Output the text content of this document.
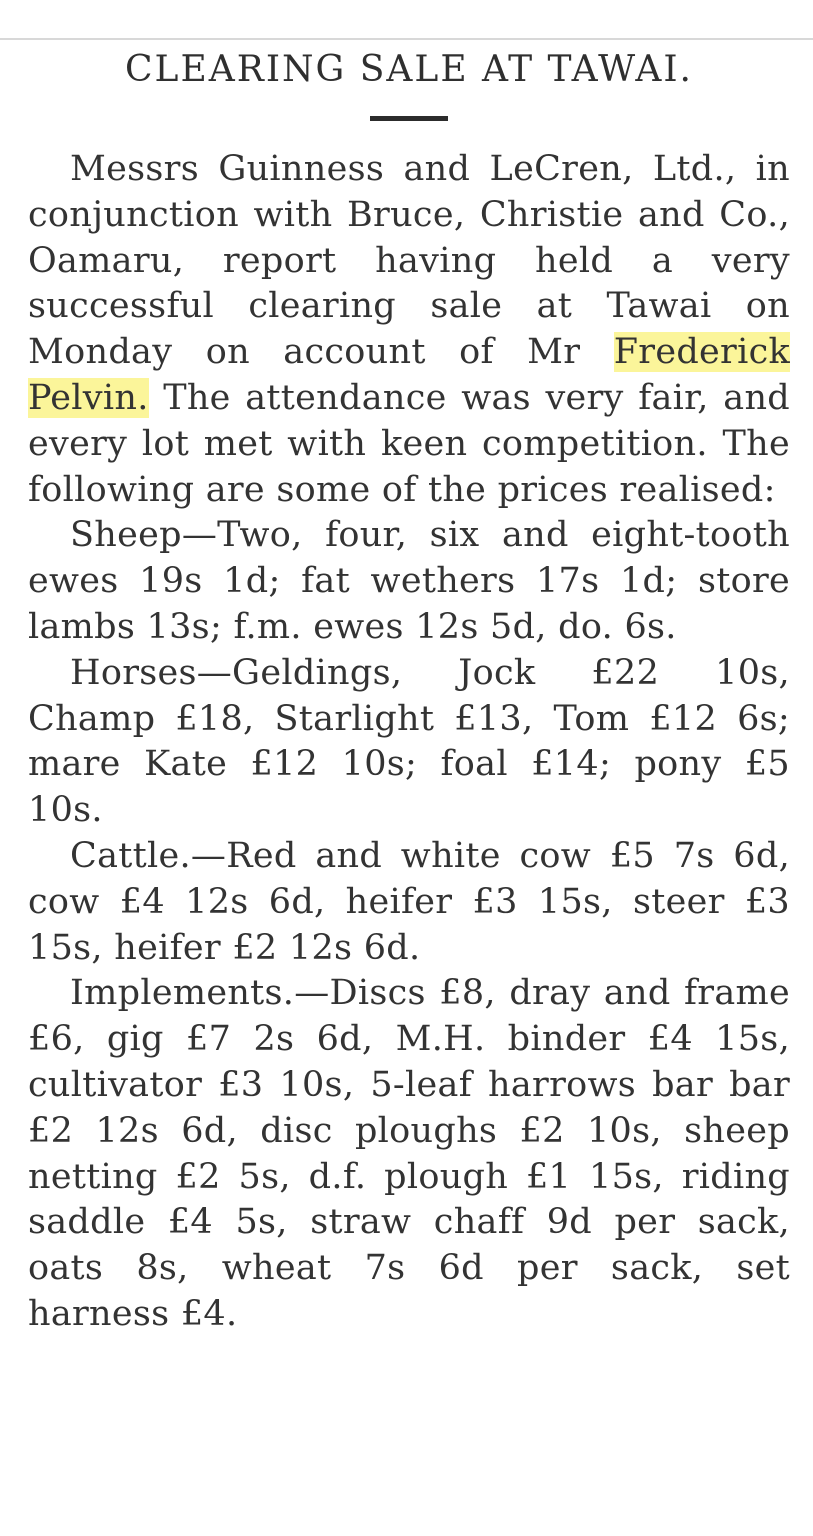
CLEARING SALE AT TAWAI.

Messrs Guinness and LeCren, Ltd., in conjunction with Bruce, Christie and Co., Oamaru, report having held a very successful clearing sale at Tawai on Monday on account of Mr Frederick Pelvin. The attendance was very fair, and every lot met with keen competition. The following are some of the prices realised:

Sheep—Two, four, six and eight-tooth ewes 19s 1d; fat wethers 17s 1d; store lambs 13s; f.m. ewes 12s 5d, do. 6s.

Horses—Geldings, Jock £22 10s, Champ £18, Starlight £13, Tom £12 6s; mare Kate £12 10s; foal £14; pony £5 10s.

Cattle.—Red and white cow £5 7s 6d, cow £4 12s 6d, heifer £3 15s, steer £3 15s, heifer £2 12s 6d.

Implements.—Discs £8, dray and frame £6, gig £7 2s 6d, M.H. binder £4 15s, cultivator £3 10s, 5-leaf harrows bar bar £2 12s 6d, disc ploughs £2 10s, sheep netting £2 5s, d.f. plough £1 15s, riding saddle £4 5s, straw chaff 9d per sack, oats 8s, wheat 7s 6d per sack, set harness £4.
